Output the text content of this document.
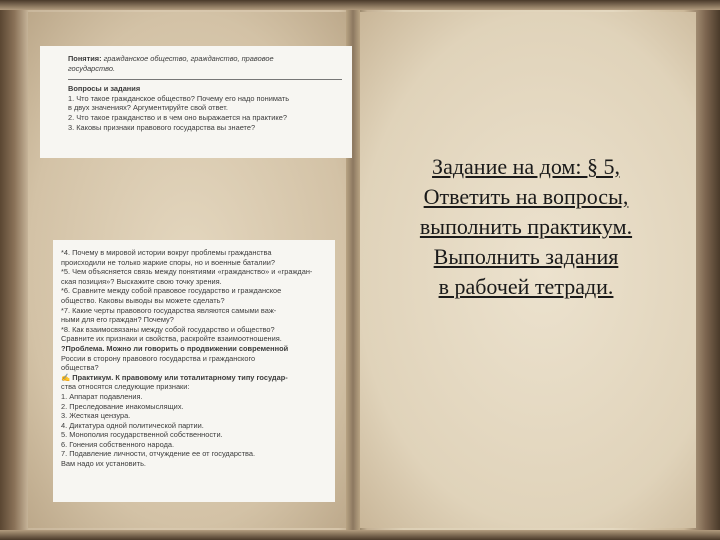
Понятия: гражданское общество, гражданство, правовое
государство.
Вопросы и задания
1. Что такое гражданское общество? Почему его надо понимать
в двух значениях? Аргументируйте свой ответ.
2. Что такое гражданство и в чем оно выражается на практике?
3. Каковы признаки правового государства вы знаете?
*4. Почему в мировой истории вокруг проблемы гражданства
происходили не только жаркие споры, но и военные баталии?
*5. Чем объясняется связь между понятиями «гражданство» и «граждан-
ская позиция»? Выскажите свою точку зрения.
*6. Сравните между собой правовое государство и гражданское
общество. Каковы выводы вы можете сделать?
*7. Какие черты правового государства являются самыми важ-
ными для его граждан? Почему?
*8. Как взаимосвязаны между собой государство и общество?
Сравните их признаки и свойства, раскройте взаимоотношения.
?Проблема. Можно ли говорить о продвижении современной
России в сторону правового государства и гражданского
общества?
✍ Практикум. К правовому или тоталитарному типу государ-
ства относятся следующие признаки:
1. Аппарат подавления.
2. Преследование инакомыслящих.
3. Жесткая цензура.
4. Диктатура одной политической партии.
5. Монополия государственной собственности.
6. Гонения собственного народа.
7. Подавление личности, отчуждение ее от государства.
Вам надо их установить.
Задание на дом: § 5,
Ответить на вопросы,
выполнить практикум.
Выполнить задания
в рабочей тетради.
